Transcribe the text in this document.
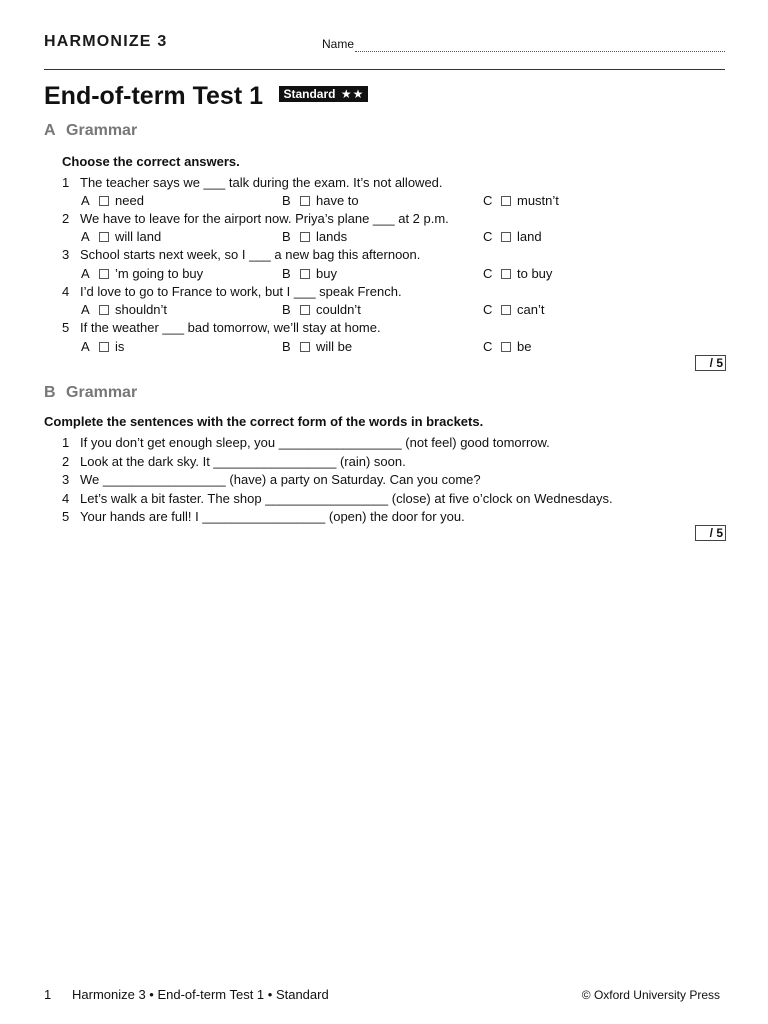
HARMONIZE 3	Name
End-of-term Test 1 Standard ★★
A Grammar
Choose the correct answers.
1 The teacher says we ___ talk during the exam. It’s not allowed.
A need	B have to	C mustn’t
2 We have to leave for the airport now. Priya’s plane ___ at 2 p.m.
A will land	B lands	C land
3 School starts next week, so I ___ a new bag this afternoon.
A ’m going to buy	B buy	C to buy
4 I’d love to go to France to work, but I ___ speak French.
A shouldn’t	B couldn’t	C can’t
5 If the weather ___ bad tomorrow, we’ll stay at home.
A is	B will be	C be
/ 5
B Grammar
Complete the sentences with the correct form of the words in brackets.
1 If you don’t get enough sleep, you _________________ (not feel) good tomorrow.
2 Look at the dark sky. It _________________ (rain) soon.
3 We _________________ (have) a party on Saturday. Can you come?
4 Let’s walk a bit faster. The shop _________________ (close) at five o’clock on Wednesdays.
5 Your hands are full! I _________________ (open) the door for you.
/ 5
1 Harmonize 3 • End-of-term Test 1 • Standard	© Oxford University Press
